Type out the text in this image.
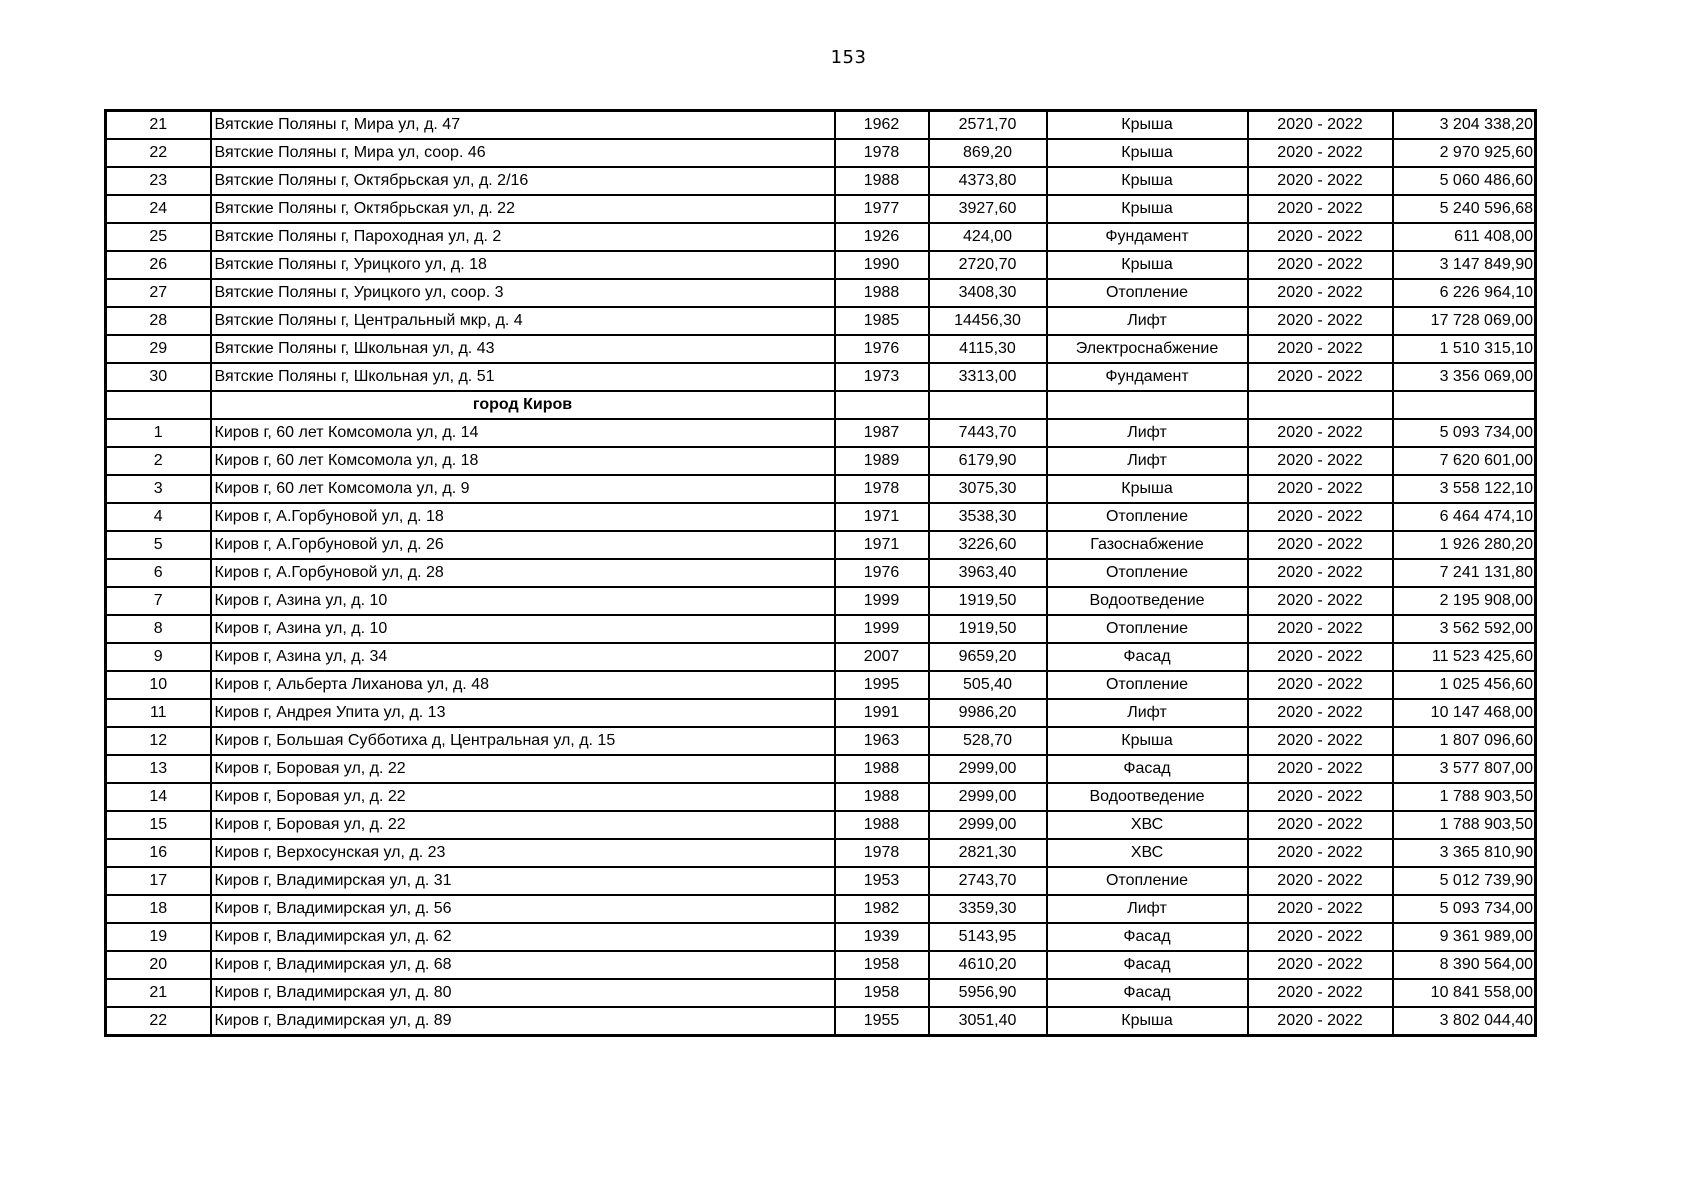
153
21	Вятские Поляны г, Мира ул, д. 47	1962	2571,70	Крыша	2020 - 2022	3 204 338,20
22	Вятские Поляны г, Мира ул, соор. 46	1978	869,20	Крыша	2020 - 2022	2 970 925,60
23	Вятские Поляны г, Октябрьская ул, д. 2/16	1988	4373,80	Крыша	2020 - 2022	5 060 486,60
24	Вятские Поляны г, Октябрьская ул, д. 22	1977	3927,60	Крыша	2020 - 2022	5 240 596,68
25	Вятские Поляны г, Пароходная ул, д. 2	1926	424,00	Фундамент	2020 - 2022	611 408,00
26	Вятские Поляны г, Урицкого ул, д. 18	1990	2720,70	Крыша	2020 - 2022	3 147 849,90
27	Вятские Поляны г, Урицкого ул, соор. 3	1988	3408,30	Отопление	2020 - 2022	6 226 964,10
28	Вятские Поляны г, Центральный мкр, д. 4	1985	14456,30	Лифт	2020 - 2022	17 728 069,00
29	Вятские Поляны г, Школьная ул, д. 43	1976	4115,30	Электроснабжение	2020 - 2022	1 510 315,10
30	Вятские Поляны г, Школьная ул, д. 51	1973	3313,00	Фундамент	2020 - 2022	3 356 069,00
	город Киров					
1	Киров г, 60 лет Комсомола ул, д. 14	1987	7443,70	Лифт	2020 - 2022	5 093 734,00
2	Киров г, 60 лет Комсомола ул, д. 18	1989	6179,90	Лифт	2020 - 2022	7 620 601,00
3	Киров г, 60 лет Комсомола ул, д. 9	1978	3075,30	Крыша	2020 - 2022	3 558 122,10
4	Киров г, А.Горбуновой ул, д. 18	1971	3538,30	Отопление	2020 - 2022	6 464 474,10
5	Киров г, А.Горбуновой ул, д. 26	1971	3226,60	Газоснабжение	2020 - 2022	1 926 280,20
6	Киров г, А.Горбуновой ул, д. 28	1976	3963,40	Отопление	2020 - 2022	7 241 131,80
7	Киров г, Азина ул, д. 10	1999	1919,50	Водоотведение	2020 - 2022	2 195 908,00
8	Киров г, Азина ул, д. 10	1999	1919,50	Отопление	2020 - 2022	3 562 592,00
9	Киров г, Азина ул, д. 34	2007	9659,20	Фасад	2020 - 2022	11 523 425,60
10	Киров г, Альберта Лиханова ул, д. 48	1995	505,40	Отопление	2020 - 2022	1 025 456,60
11	Киров г, Андрея Упита ул, д. 13	1991	9986,20	Лифт	2020 - 2022	10 147 468,00
12	Киров г, Большая Субботиха д, Центральная ул, д. 15	1963	528,70	Крыша	2020 - 2022	1 807 096,60
13	Киров г, Боровая ул, д. 22	1988	2999,00	Фасад	2020 - 2022	3 577 807,00
14	Киров г, Боровая ул, д. 22	1988	2999,00	Водоотведение	2020 - 2022	1 788 903,50
15	Киров г, Боровая ул, д. 22	1988	2999,00	ХВС	2020 - 2022	1 788 903,50
16	Киров г, Верхосунская ул, д. 23	1978	2821,30	ХВС	2020 - 2022	3 365 810,90
17	Киров г, Владимирская ул, д. 31	1953	2743,70	Отопление	2020 - 2022	5 012 739,90
18	Киров г, Владимирская ул, д. 56	1982	3359,30	Лифт	2020 - 2022	5 093 734,00
19	Киров г, Владимирская ул, д. 62	1939	5143,95	Фасад	2020 - 2022	9 361 989,00
20	Киров г, Владимирская ул, д. 68	1958	4610,20	Фасад	2020 - 2022	8 390 564,00
21	Киров г, Владимирская ул, д. 80	1958	5956,90	Фасад	2020 - 2022	10 841 558,00
22	Киров г, Владимирская ул, д. 89	1955	3051,40	Крыша	2020 - 2022	3 802 044,40
